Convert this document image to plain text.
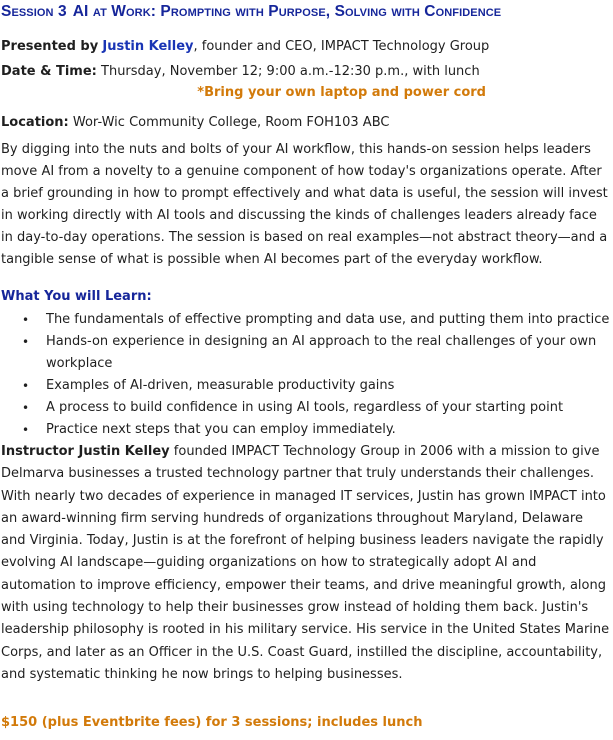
Session 3 AI at Work: Prompting with Purpose, Solving with Confidence

Presented by Justin Kelley, founder and CEO, IMPACT Technology Group

Date & Time: Thursday, November 12; 9:00 a.m.-12:30 p.m., with lunch

*Bring your own laptop and power cord

Location: Wor-Wic Community College, Room FOH103 ABC

By digging into the nuts and bolts of your AI workflow, this hands-on session helps leaders move AI from a novelty to a genuine component of how today's organizations operate. After a brief grounding in how to prompt effectively and what data is useful, the session will invest in working directly with AI tools and discussing the kinds of challenges leaders already face in day-to-day operations. The session is based on real examples—not abstract theory—and a tangible sense of what is possible when AI becomes part of the everyday workflow.

What You will Learn:

• The fundamentals of effective prompting and data use, and putting them into practice
• Hands-on experience in designing an AI approach to the real challenges of your own workplace
• Examples of AI-driven, measurable productivity gains
• A process to build confidence in using AI tools, regardless of your starting point
• Practice next steps that you can employ immediately.

Instructor Justin Kelley founded IMPACT Technology Group in 2006 with a mission to give Delmarva businesses a trusted technology partner that truly understands their challenges. With nearly two decades of experience in managed IT services, Justin has grown IMPACT into an award-winning firm serving hundreds of organizations throughout Maryland, Delaware and Virginia. Today, Justin is at the forefront of helping business leaders navigate the rapidly evolving AI landscape—guiding organizations on how to strategically adopt AI and automation to improve efficiency, empower their teams, and drive meaningful growth, along with using technology to help their businesses grow instead of holding them back. Justin's leadership philosophy is rooted in his military service. His service in the United States Marine Corps, and later as an Officer in the U.S. Coast Guard, instilled the discipline, accountability, and systematic thinking he now brings to helping businesses.

$150 (plus Eventbrite fees) for 3 sessions; includes lunch
